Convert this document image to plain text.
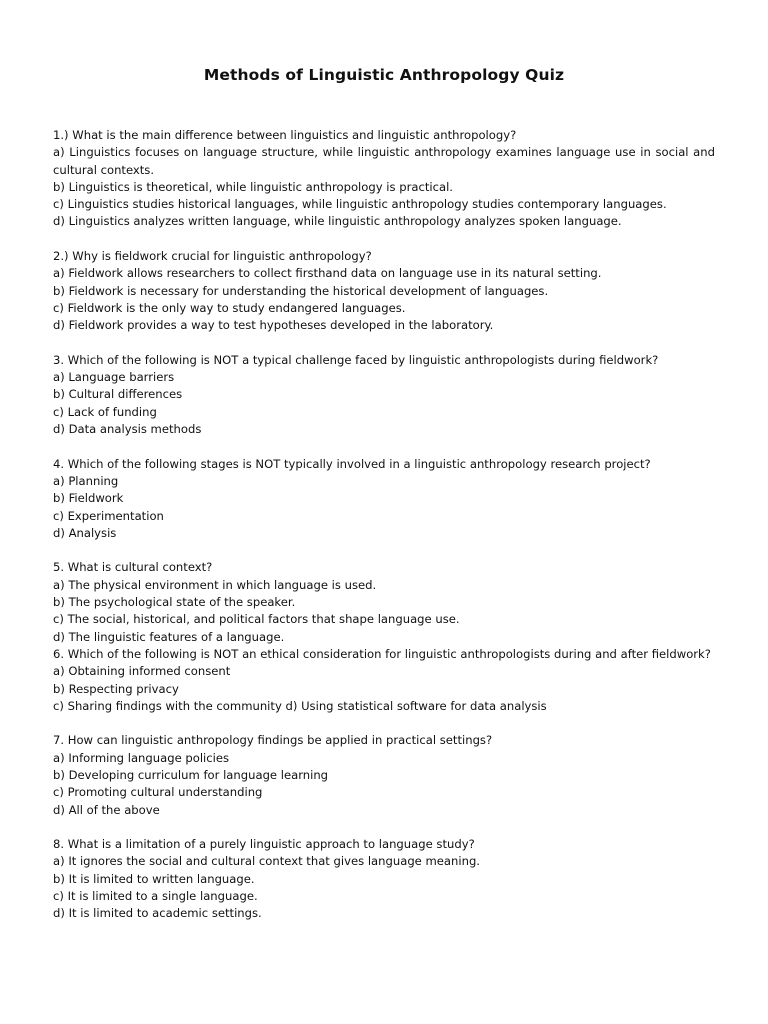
Methods of Linguistic Anthropology Quiz

1.) What is the main difference between linguistics and linguistic anthropology?

a) Linguistics focuses on language structure, while linguistic anthropology examines language use in social and cultural contexts.

b) Linguistics is theoretical, while linguistic anthropology is practical.

c) Linguistics studies historical languages, while linguistic anthropology studies contemporary languages.

d) Linguistics analyzes written language, while linguistic anthropology analyzes spoken language.

2.) Why is fieldwork crucial for linguistic anthropology?

a) Fieldwork allows researchers to collect firsthand data on language use in its natural setting.

b) Fieldwork is necessary for understanding the historical development of languages.

c) Fieldwork is the only way to study endangered languages.

d) Fieldwork provides a way to test hypotheses developed in the laboratory.

3. Which of the following is NOT a typical challenge faced by linguistic anthropologists during fieldwork?

a) Language barriers

b) Cultural differences

c) Lack of funding

d) Data analysis methods

4. Which of the following stages is NOT typically involved in a linguistic anthropology research project?

a) Planning

b) Fieldwork

c) Experimentation

d) Analysis

5. What is cultural context?

a) The physical environment in which language is used.

b) The psychological state of the speaker.

c) The social, historical, and political factors that shape language use.

d) The linguistic features of a language.

6. Which of the following is NOT an ethical consideration for linguistic anthropologists during and after fieldwork?

a) Obtaining informed consent

b) Respecting privacy

c) Sharing findings with the community d) Using statistical software for data analysis

7. How can linguistic anthropology findings be applied in practical settings?

a) Informing language policies

b) Developing curriculum for language learning

c) Promoting cultural understanding

d) All of the above

8. What is a limitation of a purely linguistic approach to language study?

a) It ignores the social and cultural context that gives language meaning.

b) It is limited to written language.

c) It is limited to a single language.

d) It is limited to academic settings.
